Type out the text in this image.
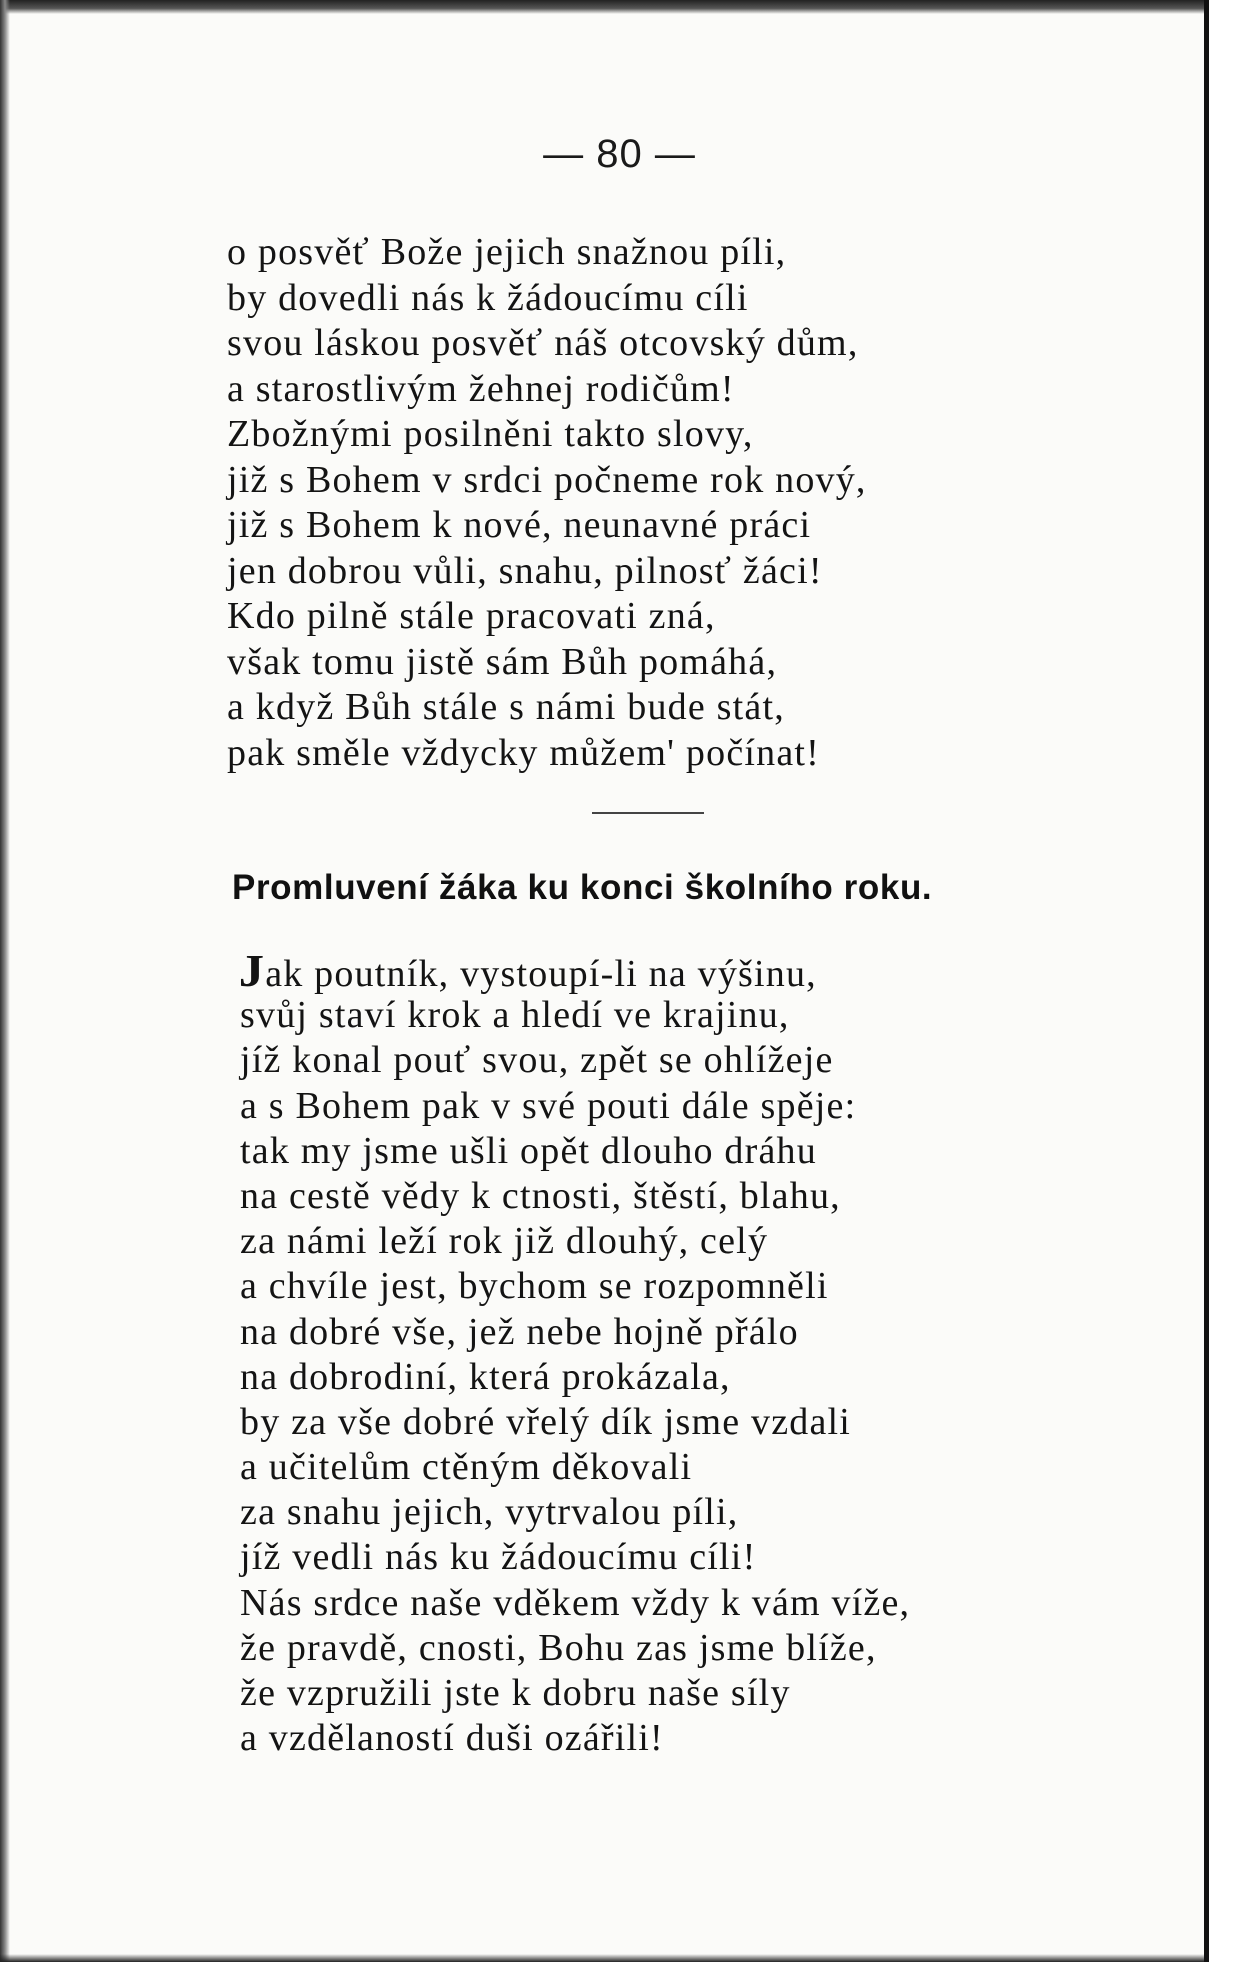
— 80 —
o posvěť Bože jejich snažnou píli,
by dovedli nás k žádoucímu cíli
svou láskou posvěť náš otcovský dům,
a starostlivým žehnej rodičům!
Zbožnými posilněni takto slovy,
již s Bohem v srdci počneme rok nový,
již s Bohem k nové, neunavné práci
jen dobrou vůli, snahu, pilnosť žáci!
Kdo pilně stále pracovati zná,
však tomu jistě sám Bůh pomáhá,
a když Bůh stále s námi bude stát,
pak směle vždycky můžem' počínat!
Promluvení žáka ku konci školního roku.
Jak poutník, vystoupí-li na výšinu,
svůj staví krok a hledí ve krajinu,
jíž konal pouť svou, zpět se ohlížeje
a s Bohem pak v své pouti dále spěje:
tak my jsme ušli opět dlouho dráhu
na cestě vědy k ctnosti, štěstí, blahu,
za námi leží rok již dlouhý, celý
a chvíle jest, bychom se rozpomněli
na dobré vše, jež nebe hojně přálo
na dobrodiní, která prokázala,
by za vše dobré vřelý dík jsme vzdali
a učitelům ctěným děkovali
za snahu jejich, vytrvalou píli,
jíž vedli nás ku žádoucímu cíli!
Nás srdce naše vděkem vždy k vám víže,
že pravdě, cnosti, Bohu zas jsme blíže,
že vzpružili jste k dobru naše síly
a vzdělaností duši ozářili!
